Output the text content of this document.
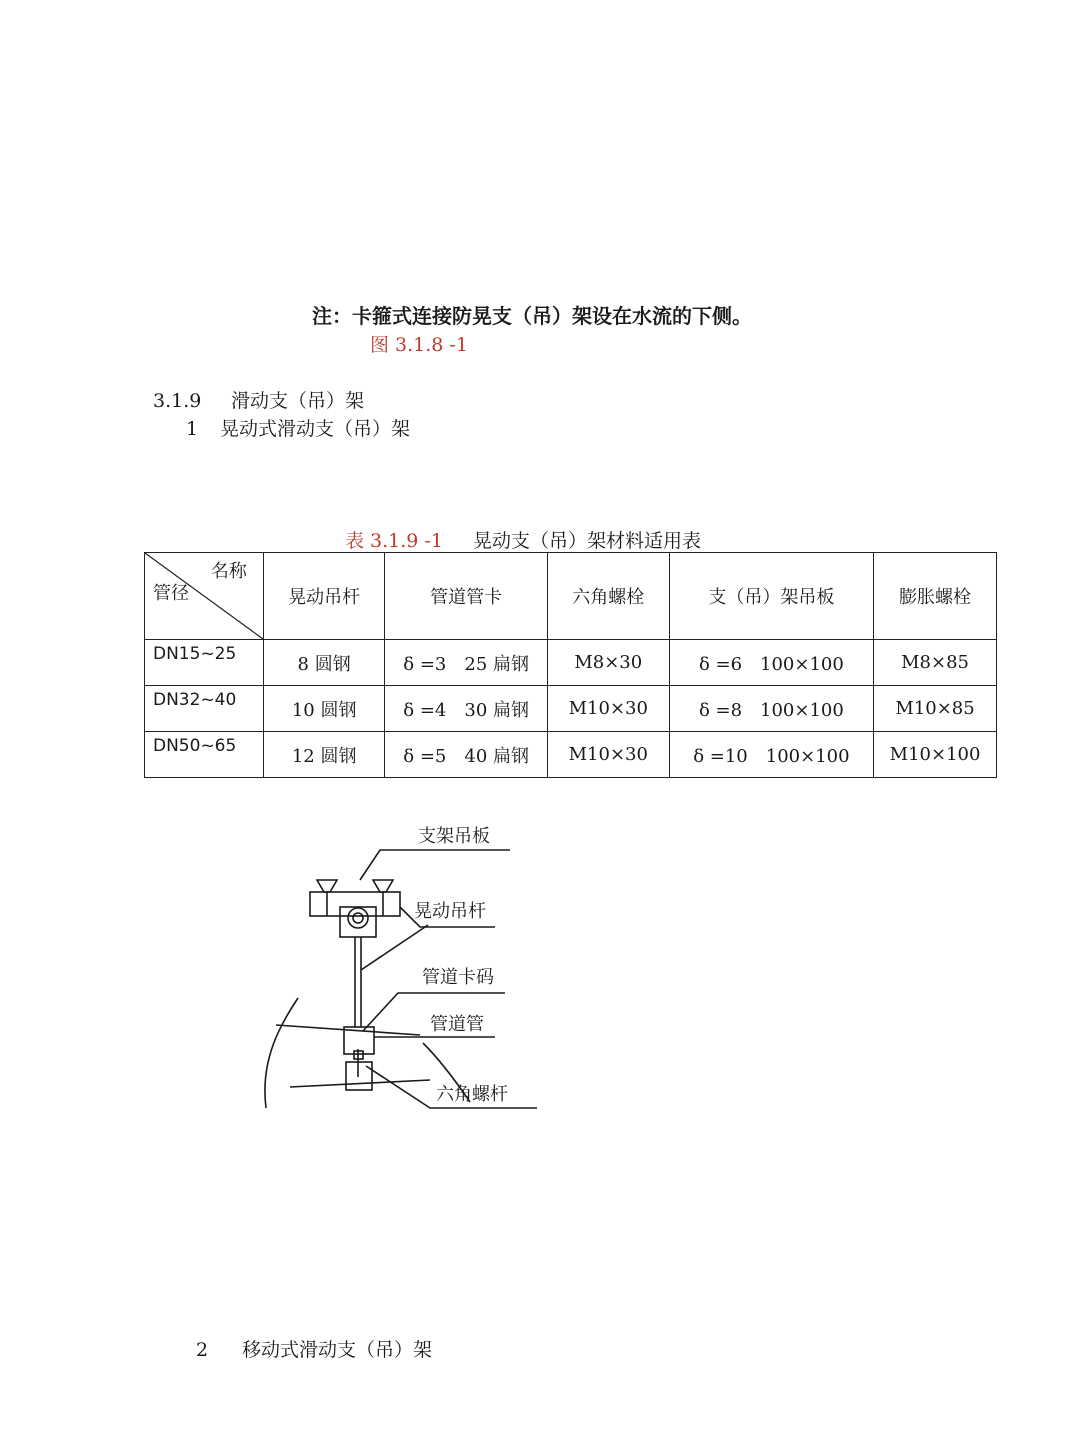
注：卡箍式连接防晃支（吊）架设在水流的下侧。
图 3.1.8 -1
3.1.9 滑动支（吊）架
1 晃动式滑动支（吊）架
表 3.1.9 -1 晃动支（吊）架材料适用表
名称
管径	晃动吊杆	管道管卡	六角螺栓	支（吊）架吊板	膨胀螺栓
DN15~25	8 圆钢	δ =3　25 扁钢	M8×30	δ =6　100×100	M8×85
DN32~40	10 圆钢	δ =4　30 扁钢	M10×30	δ =8　100×100	M10×85
DN50~65	12 圆钢	δ =5　40 扁钢	M10×30	δ =10　100×100	M10×100
支架吊板
晃动吊杆
管道卡码
管道管
六角螺杆
2 移动式滑动支（吊）架
